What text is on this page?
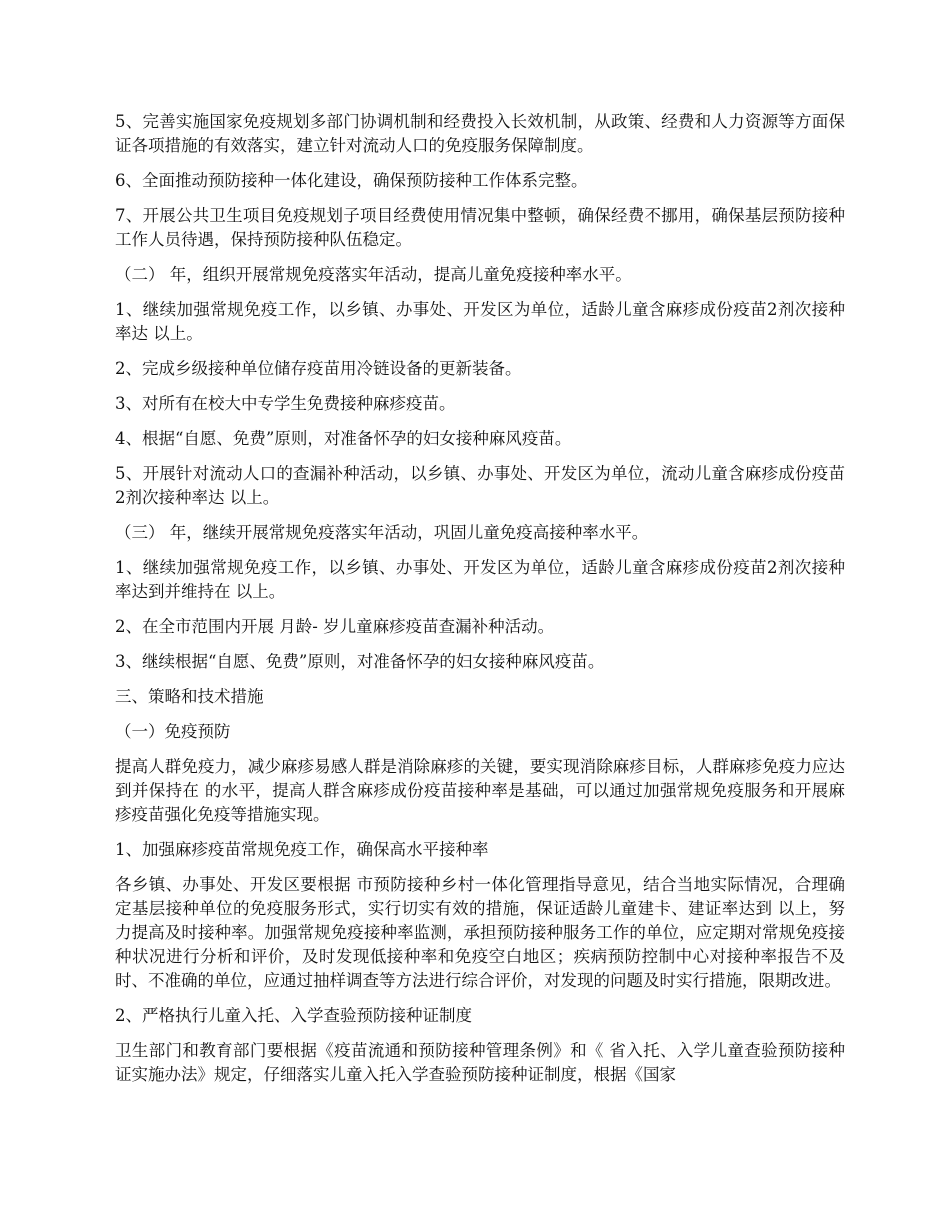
5、完善实施国家免疫规划多部门协调机制和经费投入长效机制，从政策、经费和人力资源等方面保证各项措施的有效落实，建立针对流动人口的免疫服务保障制度。

6、全面推动预防接种一体化建设，确保预防接种工作体系完整。

7、开展公共卫生项目免疫规划子项目经费使用情况集中整顿，确保经费不挪用，确保基层预防接种工作人员待遇，保持预防接种队伍稳定。

（二） 年，组织开展常规免疫落实年活动，提高儿童免疫接种率水平。

1、继续加强常规免疫工作，以乡镇、办事处、开发区为单位，适龄儿童含麻疹成份疫苗2剂次接种率达 以上。

2、完成乡级接种单位储存疫苗用冷链设备的更新装备。

3、对所有在校大中专学生免费接种麻疹疫苗。

4、根据“自愿、免费”原则，对准备怀孕的妇女接种麻风疫苗。

5、开展针对流动人口的查漏补种活动，以乡镇、办事处、开发区为单位，流动儿童含麻疹成份疫苗2剂次接种率达 以上。

（三） 年，继续开展常规免疫落实年活动，巩固儿童免疫高接种率水平。

1、继续加强常规免疫工作，以乡镇、办事处、开发区为单位，适龄儿童含麻疹成份疫苗2剂次接种率达到并维持在 以上。

2、在全市范围内开展 月龄- 岁儿童麻疹疫苗查漏补种活动。

3、继续根据“自愿、免费”原则，对准备怀孕的妇女接种麻风疫苗。

三、策略和技术措施

（一）免疫预防

提高人群免疫力，减少麻疹易感人群是消除麻疹的关键，要实现消除麻疹目标，人群麻疹免疫力应达到并保持在 的水平，提高人群含麻疹成份疫苗接种率是基础，可以通过加强常规免疫服务和开展麻疹疫苗强化免疫等措施实现。

1、加强麻疹疫苗常规免疫工作，确保高水平接种率

各乡镇、办事处、开发区要根据 市预防接种乡村一体化管理指导意见，结合当地实际情况，合理确定基层接种单位的免疫服务形式，实行切实有效的措施，保证适龄儿童建卡、建证率达到 以上，努力提高及时接种率。加强常规免疫接种率监测，承担预防接种服务工作的单位，应定期对常规免疫接种状况进行分析和评价，及时发现低接种率和免疫空白地区；疾病预防控制中心对接种率报告不及时、不准确的单位，应通过抽样调查等方法进行综合评价，对发现的问题及时实行措施，限期改进。

2、严格执行儿童入托、入学查验预防接种证制度

卫生部门和教育部门要根据《疫苗流通和预防接种管理条例》和《 省入托、入学儿童查验预防接种证实施办法》规定，仔细落实儿童入托入学查验预防接种证制度，根据《国家
